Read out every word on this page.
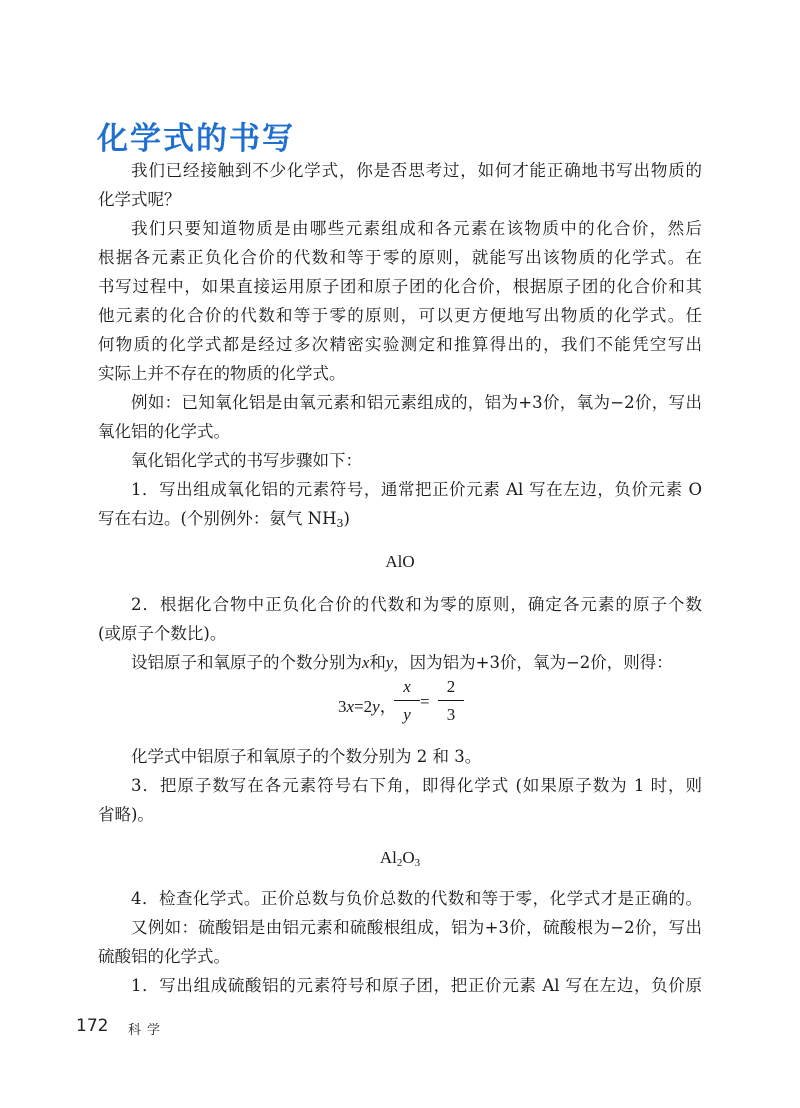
化学式的书写
我们已经接触到不少化学式，你是否思考过，如何才能正确地书写出物质的
化学式呢？
我们只要知道物质是由哪些元素组成和各元素在该物质中的化合价，然后
根据各元素正负化合价的代数和等于零的原则，就能写出该物质的化学式。在
书写过程中，如果直接运用原子团和原子团的化合价，根据原子团的化合价和其
他元素的化合价的代数和等于零的原则，可以更方便地写出物质的化学式。任
何物质的化学式都是经过多次精密实验测定和推算得出的，我们不能凭空写出
实际上并不存在的物质的化学式。
例如：已知氧化铝是由氧元素和铝元素组成的，铝为+3价，氧为−2价，写出
氧化铝的化学式。
氧化铝化学式的书写步骤如下：
1．写出组成氧化铝的元素符号，通常把正价元素 Al 写在左边，负价元素 O
写在右边。(个别例外：氨气 $NH_3$)
AlO
2．根据化合物中正负化合价的代数和为零的原则，确定各元素的原子个数
(或原子个数比)。
设铝原子和氧原子的个数分别为x和y，因为铝为+3价，氧为−2价，则得：
3x=2y，
x
y
=
2
3
化学式中铝原子和氧原子的个数分别为 2 和 3。
3．把原子数写在各元素符号右下角，即得化学式 (如果原子数为 1 时，则
省略)。
$Al_2O_3$
4．检查化学式。正价总数与负价总数的代数和等于零，化学式才是正确的。
又例如：硫酸铝是由铝元素和硫酸根组成，铝为+3价，硫酸根为−2价，写出
硫酸铝的化学式。
1．写出组成硫酸铝的元素符号和原子团，把正价元素 Al 写在左边，负价原
172 科学
